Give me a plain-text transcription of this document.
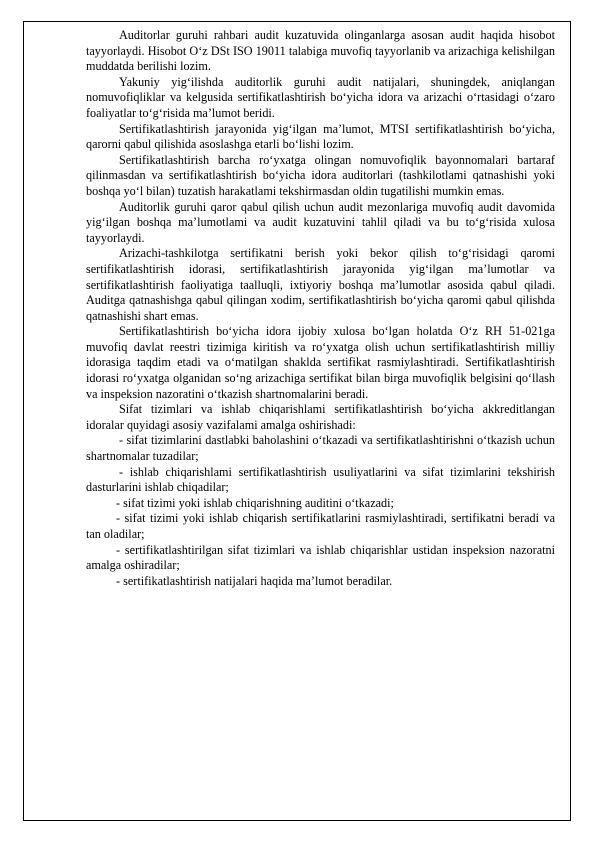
Auditorlar guruhi rahbari audit kuzatuvida olinganlarga asosan audit haqida hisobot tayyorlaydi. Hisobot O‘z DSt ISO 19011 talabiga muvofiq tayyorlanib va arizachiga kelishilgan muddatda berilishi lozim.

Yakuniy yig‘ilishda auditorlik guruhi audit natijalari, shuningdek, aniqlangan nomuvofiqliklar va kelgusida sertifikatlashtirish bo‘yicha idora va arizachi o‘rtasidagi o‘zaro foaliyatlar to‘g‘risida ma’lumot beridi.

Sertifikatlashtirish jarayonida yig‘ilgan ma’lumot, MTSI sertifikatlashtirish bo‘yicha, qarorni qabul qilishida asoslashga etarli bo‘lishi lozim.

Sertifikatlashtirish barcha ro‘yxatga olingan nomuvofiqlik bayonnomalari bartaraf qilinmasdan va sertifikatlashtirish bo‘yicha idora auditorlari (tashkilotlami qatnashishi yoki boshqa yo‘l bilan) tuzatish harakatlami tekshirmasdan oldin tugatilishi mumkin emas.

Auditorlik guruhi qaror qabul qilish uchun audit mezonlariga muvofiq audit davomida yig‘ilgan boshqa ma’lumotlami va audit kuzatuvini tahlil qiladi va bu to‘g‘risida xulosa tayyorlaydi.

Arizachi-tashkilotga sertifikatni berish yoki bekor qilish to‘g‘risidagi qaromi sertifikatlashtirish idorasi, sertifikatlashtirish jarayonida yig‘ilgan ma’lumotlar va sertifikatlashtirish faoliyatiga taalluqli, ixtiyoriy boshqa ma’lumotlar asosida qabul qiladi. Auditga qatnashishga qabul qilingan xodim, sertifikatlashtirish bo‘yicha qaromi qabul qilishda qatnashishi shart emas.

Sertifikatlashtirish bo‘yicha idora ijobiy xulosa bo‘lgan holatda O‘z RH 51-021ga muvofiq davlat reestri tizimiga kiritish va ro‘yxatga olish uchun sertifikatlashtirish milliy idorasiga taqdim etadi va o‘matilgan shaklda sertifikat rasmiylashtiradi. Sertifikatlashtirish idorasi ro‘yxatga olganidan so‘ng arizachiga sertifikat bilan birga muvofiqlik belgisini qo‘llash va inspeksion nazoratini o‘tkazish shartnomalarini beradi.

Sifat tizimlari va ishlab chiqarishlami sertifikatlashtirish bo‘yicha akkreditlangan idoralar quyidagi asosiy vazifalami amalga oshirishadi:

- sifat tizimlarini dastlabki baholashini o‘tkazadi va sertifikatlashtirishni o‘tkazish uchun shartnomalar tuzadilar;

- ishlab chiqarishlami sertifikatlashtirish usuliyatlarini va sifat tizimlarini tekshirish dasturlarini ishlab chiqadilar;

- sifat tizimi yoki ishlab chiqarishning auditini o‘tkazadi;

- sifat tizimi yoki ishlab chiqarish sertifikatlarini rasmiylashtiradi, sertifikatni beradi va tan oladilar;

- sertifikatlashtirilgan sifat tizimlari va ishlab chiqarishlar ustidan inspeksion nazoratni amalga oshiradilar;

- sertifikatlashtirish natijalari haqida ma’lumot beradilar.
